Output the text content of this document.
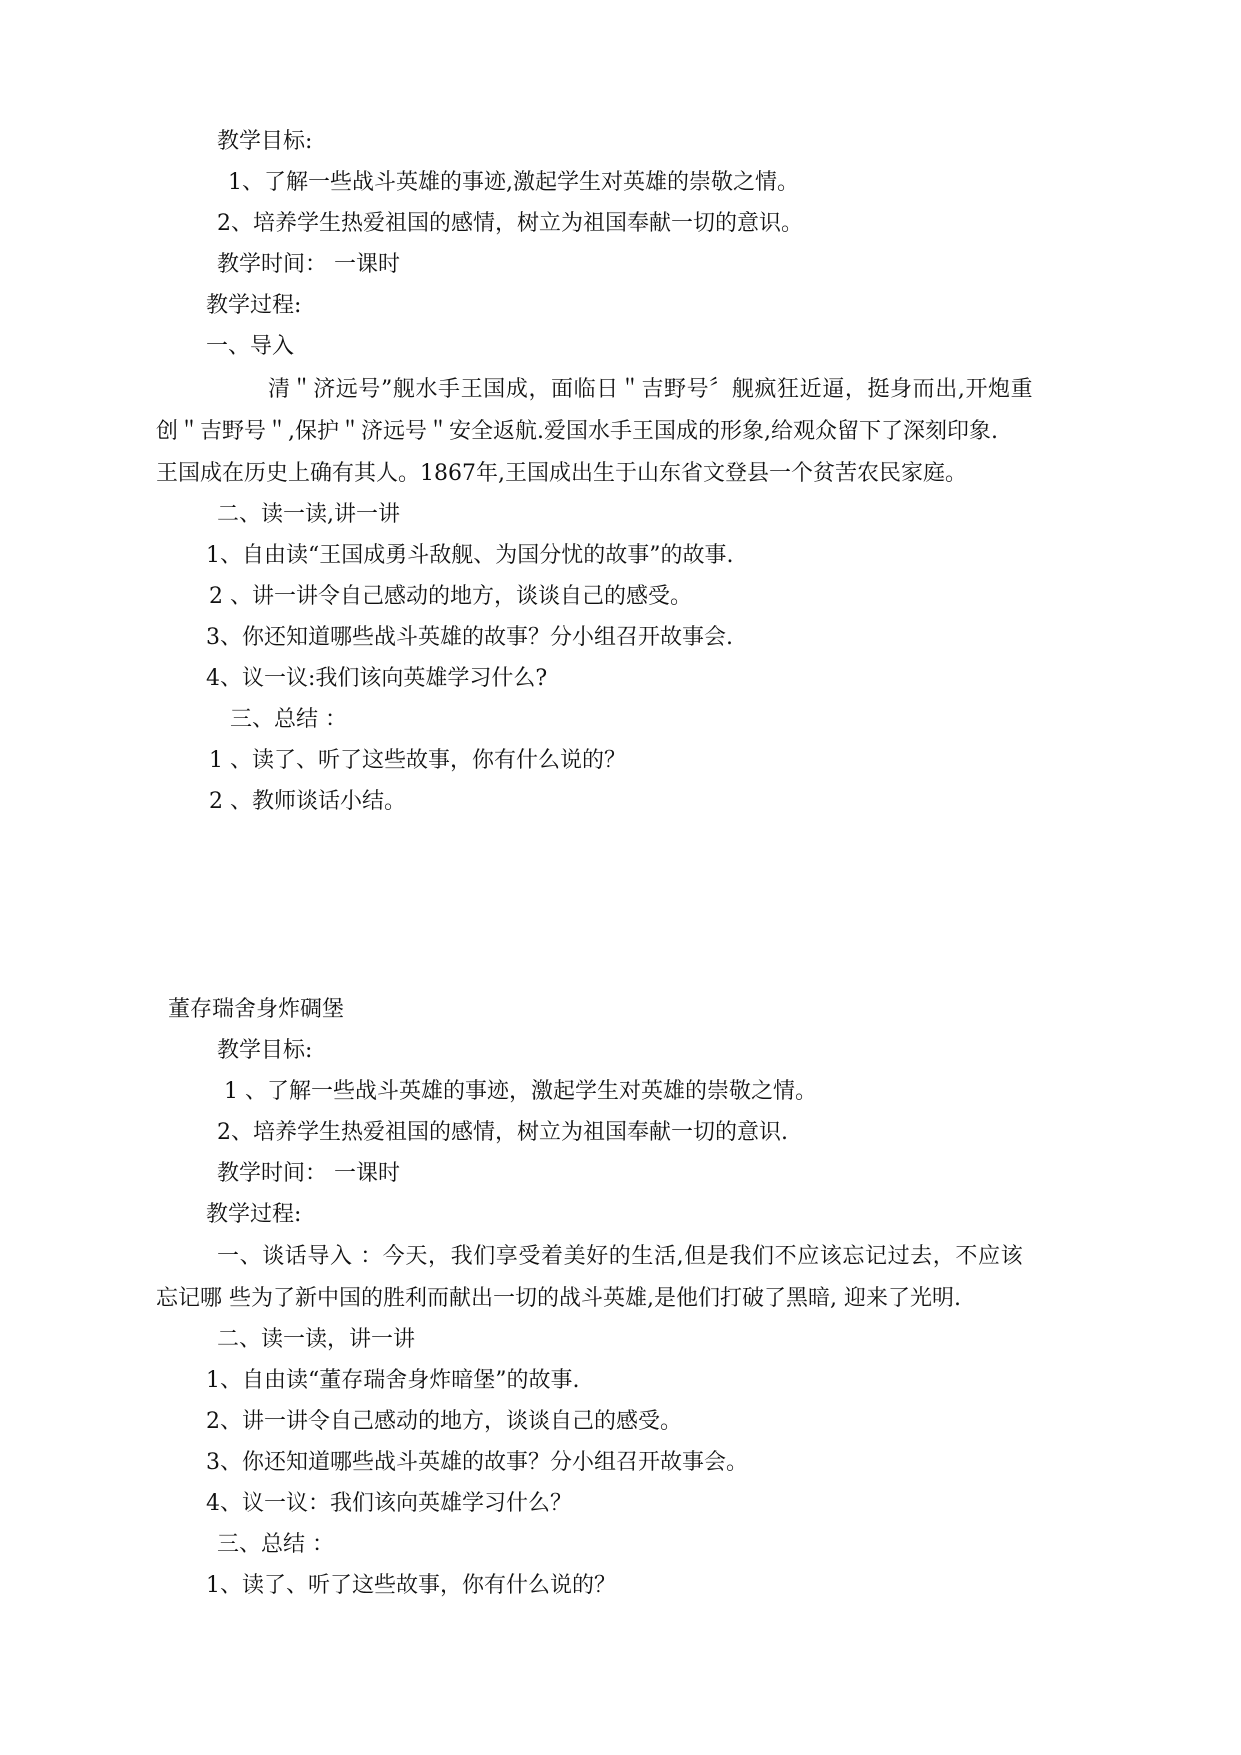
教学目标:
1、了解一些战斗英雄的事迹,激起学生对英雄的崇敬之情。
2、培养学生热爱祖国的感情，树立为祖国奉献一切的意识。
教学时间： 一课时
教学过程:
一、导入
清＂济远号”舰水手王国成，面临日＂吉野号〞舰疯狂近逼，挺身而出,开炮重
创＂吉野号＂,保护＂济远号＂安全返航.爱国水手王国成的形象,给观众留下了深刻印象.
王国成在历史上确有其人。1867年,王国成出生于山东省文登县一个贫苦农民家庭。
二、读一读,讲一讲
1、自由读“王国成勇斗敌舰、为国分忧的故事”的故事.
2 、讲一讲令自己感动的地方，谈谈自己的感受。
3、你还知道哪些战斗英雄的故事？分小组召开故事会.
4、议一议:我们该向英雄学习什么?
三、总结 ：
1 、读了、听了这些故事，你有什么说的？
2 、教师谈话小结。
董存瑞舍身炸碉堡
教学目标:
1 、了解一些战斗英雄的事迹，激起学生对英雄的崇敬之情。
2、培养学生热爱祖国的感情，树立为祖国奉献一切的意识.
教学时间： 一课时
教学过程:
一、谈话导入 ：今天，我们享受着美好的生活,但是我们不应该忘记过去，不应该
忘记哪 些为了新中国的胜利而献出一切的战斗英雄,是他们打破了黑暗, 迎来了光明.
二、读一读，讲一讲
1、自由读“董存瑞舍身炸暗堡”的故事.
2、讲一讲令自己感动的地方，谈谈自己的感受。
3、你还知道哪些战斗英雄的故事？分小组召开故事会。
4、议一议：我们该向英雄学习什么？
三、总结 ：
1、读了、听了这些故事，你有什么说的？
